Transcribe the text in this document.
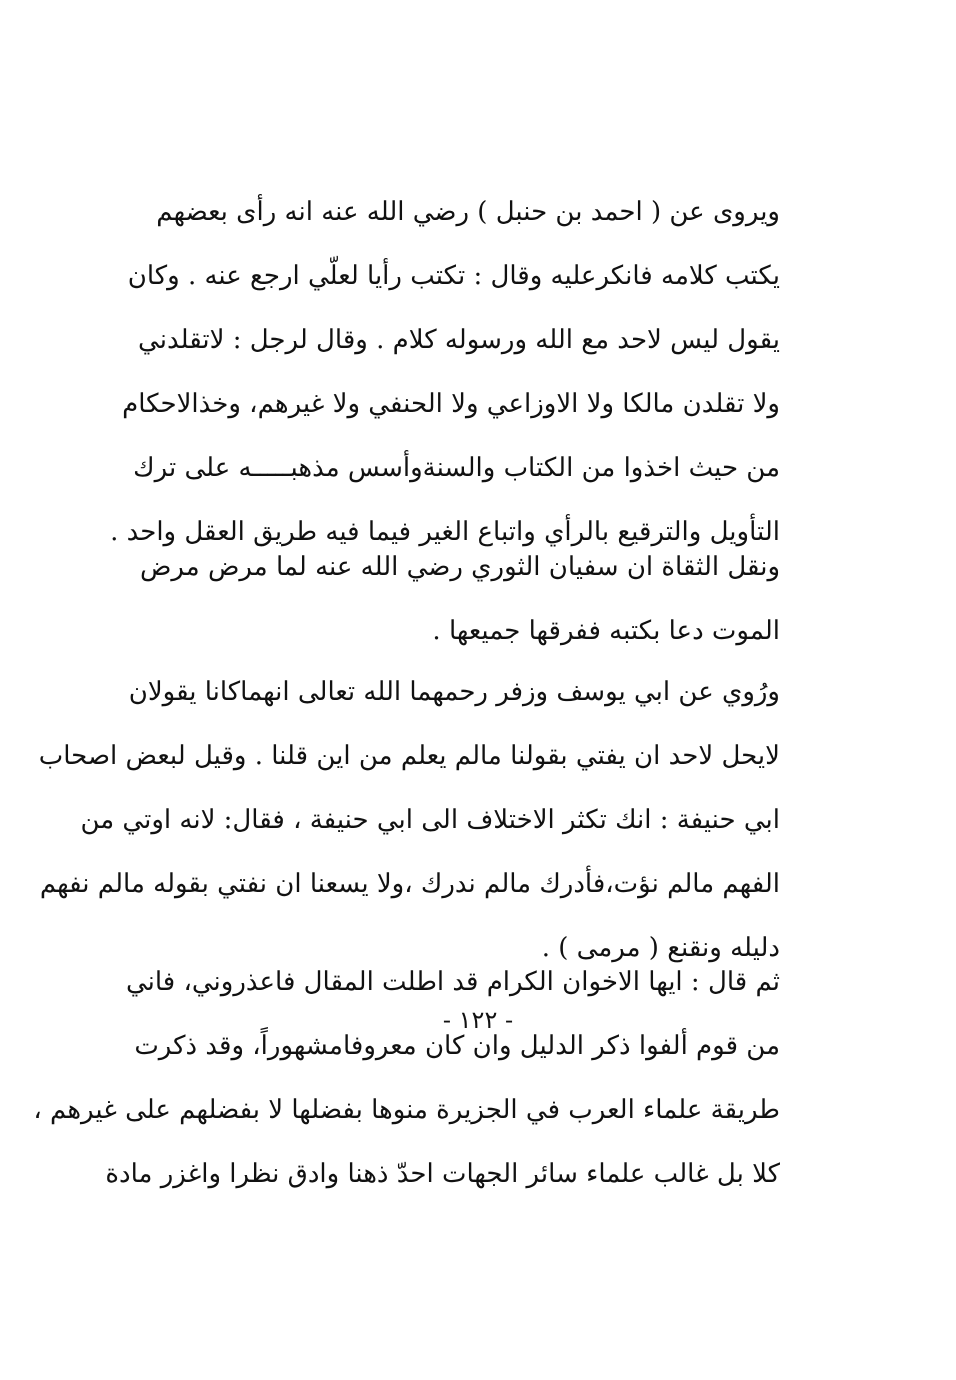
ويروى عن ( احمد بن حنبل ) رضي الله عنه انه رأى بعضهم
يكتب كلامه فانكرعليه وقال : تكتب رأيا لعلّي ارجع عنه . وكان
يقول ليس لاحد مع الله ورسوله كلام . وقال لرجل : لاتقلدني
ولا تقلدن مالكا ولا الاوزاعي ولا الحنفي ولا غيرهم، وخذالاحكام
من حيث اخذوا من الكتاب والسنةوأسس مذهبـــــه على ترك
التأويل والترقيع بالرأي واتباع الغير فيما فيه طريق العقل واحد .
ونقل الثقاة ان سفيان الثوري رضي الله عنه لما مرض مرض
الموت دعا بكتبه ففرقها جميعها .
ورُوي عن ابي يوسف وزفر رحمهما الله تعالى انهماكانا يقولان
لايحل لاحد ان يفتي بقولنا مالم يعلم من اين قلنا . وقيل لبعض اصحاب
ابي حنيفة : انك تكثر الاختلاف الى ابي حنيفة ، فقال: لانه اوتي من
الفهم مالم نؤت،فأدرك مالم ندرك ،ولا يسعنا ان نفتي بقوله مالم نفهم
دليله ونقنع ( مرمى ) .
ثم قال : ايها الاخوان الكرام قد اطلت المقال فاعذروني، فاني
من قوم ألفوا ذكر الدليل وان كان معروفامشهوراً، وقد ذكرت
طريقة علماء العرب في الجزيرة منوها بفضلها لا بفضلهم على غيرهم ،
كلا بل غالب علماء سائر الجهات احدّ ذهنا وادق نظرا واغزر مادة
- ١٢٢ -
